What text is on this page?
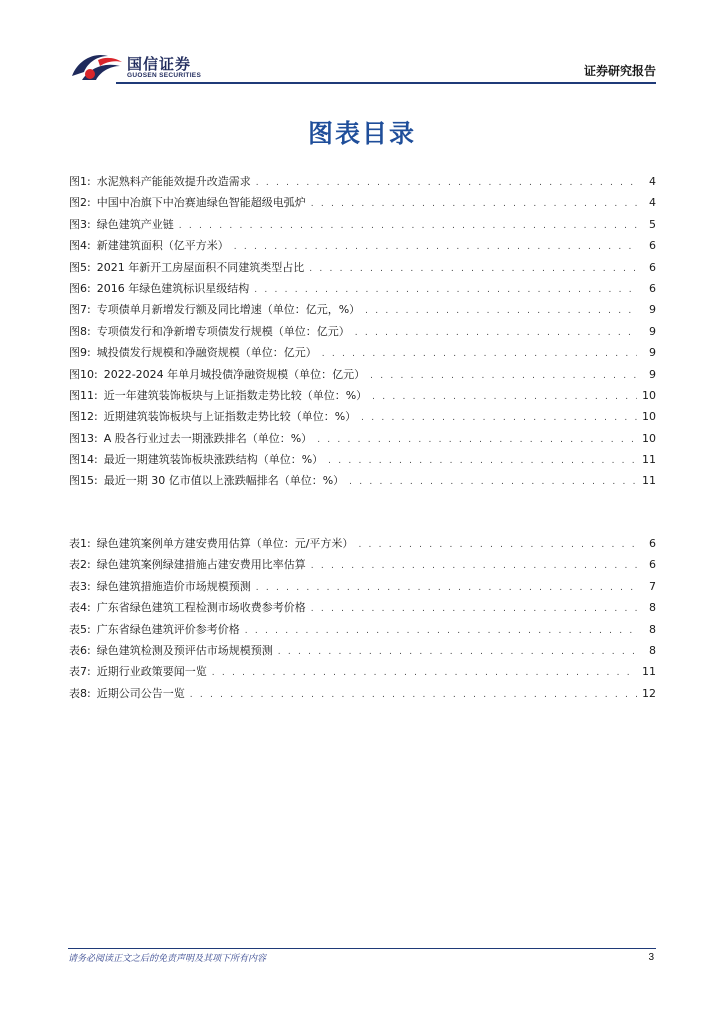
国信证券
GUOSEN SECURITIES	证券研究报告
图表目录
图1: 水泥熟料产能能效提升改造需求 . . .	4
图2: 中国中冶旗下中冶赛迪绿色智能超级电弧炉 . . .	4
图3: 绿色建筑产业链 . . .	5
图4: 新建建筑面积（亿平方米） . . .	6
图5: 2021 年新开工房屋面积不同建筑类型占比 . . .	6
图6: 2016 年绿色建筑标识星级结构 . . .	6
图7: 专项债单月新增发行额及同比增速（单位：亿元，%） . . .	9
图8: 专项债发行和净新增专项债发行规模（单位：亿元） . . .	9
图9: 城投债发行规模和净融资规模（单位：亿元） . . .	9
图10: 2022-2024 年单月城投债净融资规模（单位：亿元） . . .	9
图11: 近一年建筑装饰板块与上证指数走势比较（单位：%） . . .	10
图12: 近期建筑装饰板块与上证指数走势比较（单位：%） . . .	10
图13: A 股各行业过去一期涨跌排名（单位：%） . . .	10
图14: 最近一期建筑装饰板块涨跌结构（单位：%） . . .	11
图15: 最近一期 30 亿市值以上涨跌幅排名（单位：%） . . .	11
表1: 绿色建筑案例单方建安费用估算（单位：元/平方米） . . .	6
表2: 绿色建筑案例绿建措施占建安费用比率估算 . . .	6
表3: 绿色建筑措施造价市场规模预测 . . .	7
表4: 广东省绿色建筑工程检测市场收费参考价格 . . .	8
表5: 广东省绿色建筑评价参考价格 . . .	8
表6: 绿色建筑检测及预评估市场规模预测 . . .	8
表7: 近期行业政策要闻一览 . . .	11
表8: 近期公司公告一览 . . .	12
请务必阅读正文之后的免责声明及其项下所有内容	3
